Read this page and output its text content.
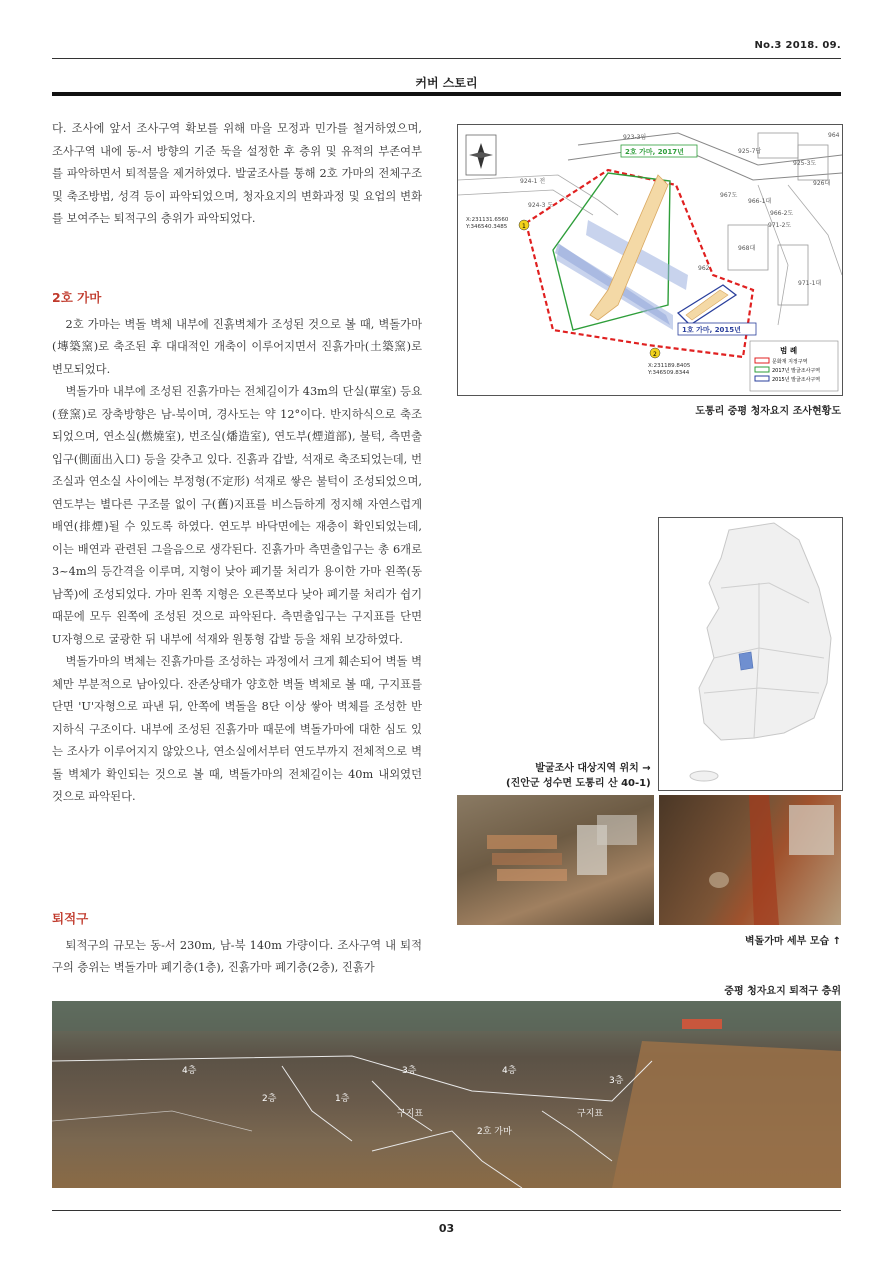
No.3 2018. 09.
커버 스토리

다. 조사에 앞서 조사구역 확보를 위해 마을 모정과 민가를 철거하였으며, 조사구역 내에 동-서 방향의 기준 둑을 설정한 후 층위 및 유적의 부존여부를 파악하면서 퇴적물을 제거하였다. 발굴조사를 통해 2호 가마의 전체구조 및 축조방법, 성격 등이 파악되었으며, 청자요지의 변화과정 및 요업의 변화를 보여주는 퇴적구의 층위가 파악되었다.

2호 가마

2호 가마는 벽돌 벽체 내부에 진흙벽체가 조성된 것으로 볼 때, 벽돌가마(塼築窯)로 축조된 후 대대적인 개축이 이루어지면서 진흙가마(土築窯)로 변모되었다.

벽돌가마 내부에 조성된 진흙가마는 전체길이가 43m의 단실(單室) 등요(登窯)로 장축방향은 남-북이며, 경사도는 약 12°이다. 반지하식으로 축조되었으며, 연소실(燃燒室), 번조실(燔造室), 연도부(煙道部), 불턱, 측면출입구(側面出入口) 등을 갖추고 있다. 진흙과 갑발, 석재로 축조되었는데, 번조실과 연소실 사이에는 부정형(不定形) 석재로 쌓은 불턱이 조성되었으며, 연도부는 별다른 구조물 없이 구(舊)지표를 비스듬하게 정지해 자연스럽게 배연(排煙)될 수 있도록 하였다. 연도부 바닥면에는 재층이 확인되었는데, 이는 배연과 관련된 그을음으로 생각된다. 진흙가마 측면출입구는 총 6개로 3~4m의 등간격을 이루며, 지형이 낮아 폐기물 처리가 용이한 가마 왼쪽(동남쪽)에 조성되었다. 가마 왼쪽 지형은 오른쪽보다 낮아 폐기물 처리가 쉽기 때문에 모두 왼쪽에 조성된 것으로 파악된다. 측면출입구는 구지표를 단면 U자형으로 굴광한 뒤 내부에 석재와 원통형 갑발 등을 채워 보강하였다.

벽돌가마의 벽체는 진흙가마를 조성하는 과정에서 크게 훼손되어 벽돌 벽체만 부분적으로 남아있다. 잔존상태가 양호한 벽돌 벽체로 볼 때, 구지표를 단면 'U'자형으로 파낸 뒤, 안쪽에 벽돌을 8단 이상 쌓아 벽체를 조성한 반지하식 구조이다. 내부에 조성된 진흙가마 때문에 벽돌가마에 대한 심도 있는 조사가 이루어지지 않았으나, 연소실에서부터 연도부까지 전체적으로 벽돌 벽체가 확인되는 것으로 볼 때, 벽돌가마의 전체길이는 40m 내외였던 것으로 파악된다.

퇴적구

퇴적구의 규모는 동-서 230m, 남-북 140m 가량이다. 조사구역 내 퇴적구의 층위는 벽돌가마 폐기층(1층), 진흙가마 폐기층(2층), 진흙가

923-3임
925-7답
924-1 전
924-3 도
964
966-1대
966-2도
967도
971-2도
971-1대
962
968대
925-3도
926대
2호 가마, 2017년
1호 가마, 2015년
1
2
X:231131.6560 Y:346540.3485
X:231189.8405 Y:346509.8344
범 례
문화재 지정구역
2017년 발굴조사구역
2015년 발굴조사구역
도통리 중평 청자요지 조사현황도
발굴조사 대상지역 위치 →
(진안군 성수면 도통리 산 40-1)
벽돌가마 세부 모습 ↑
중평 청자요지 퇴적구 층위
4층	3층
2층	1층
4층
3층
구지표
2호 가마
구지표
03
